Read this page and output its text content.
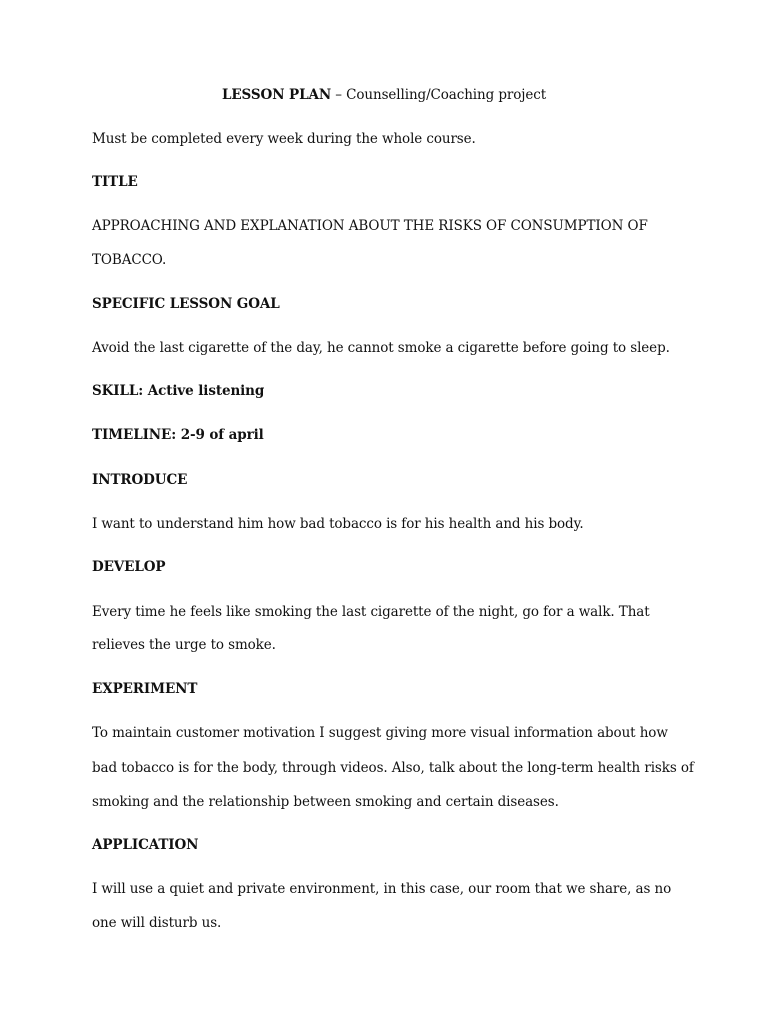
LESSON PLAN – Counselling/Coaching project
Must be completed every week during the whole course.
TITLE
APPROACHING AND EXPLANATION ABOUT THE RISKS OF CONSUMPTION OF
TOBACCO.
SPECIFIC LESSON GOAL
Avoid the last cigarette of the day, he cannot smoke a cigarette before going to sleep.
SKILL: Active listening
TIMELINE: 2-9 of april
INTRODUCE
I want to understand him how bad tobacco is for his health and his body.
DEVELOP
Every time he feels like smoking the last cigarette of the night, go for a walk. That
relieves the urge to smoke.
EXPERIMENT
To maintain customer motivation I suggest giving more visual information about how
bad tobacco is for the body, through videos. Also, talk about the long-term health risks of
smoking and the relationship between smoking and certain diseases.
APPLICATION
I will use a quiet and private environment, in this case, our room that we share, as no
one will disturb us.
